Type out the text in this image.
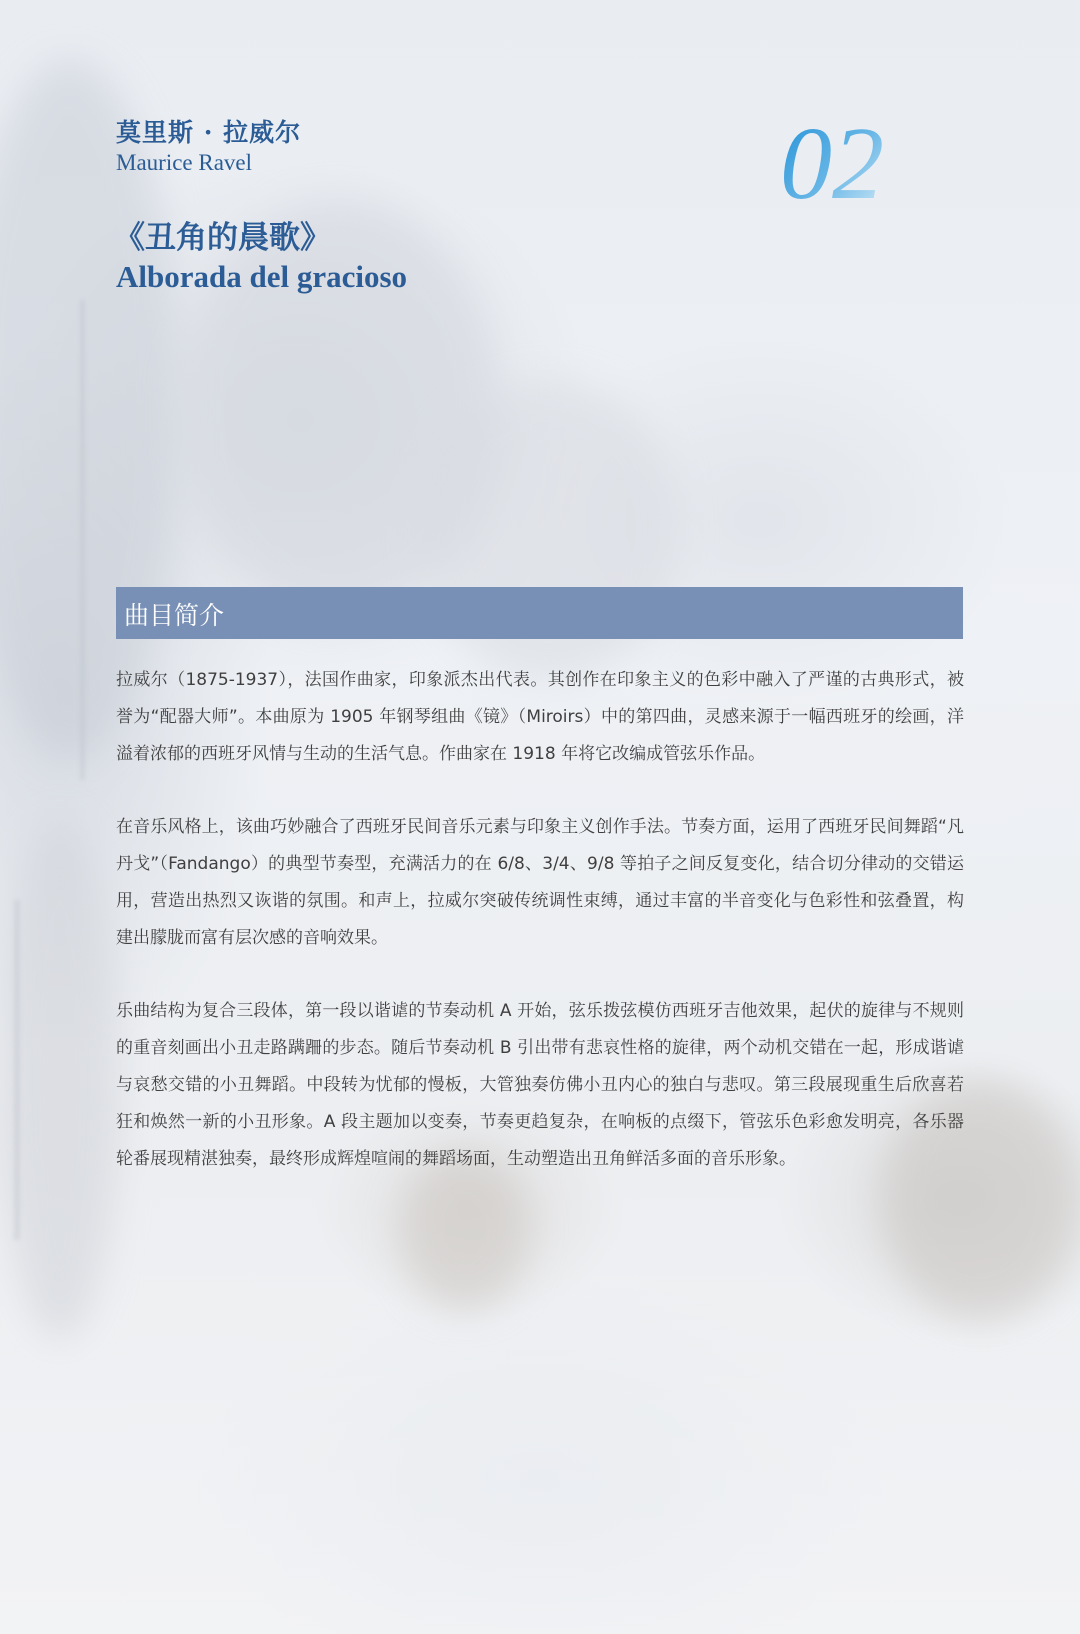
莫里斯 · 拉威尔

Maurice Ravel

《丑角的晨歌》

Alborada del gracioso

02
曲目简介

拉威尔（1875-1937），法国作曲家，印象派杰出代表。其创作在印象主义的色彩中融入了严谨的古典形式，被誉为“配器大师”。本曲原为 1905 年钢琴组曲《镜》（Miroirs）中的第四曲，灵感来源于一幅西班牙的绘画，洋溢着浓郁的西班牙风情与生动的生活气息。作曲家在 1918 年将它改编成管弦乐作品。

在音乐风格上，该曲巧妙融合了西班牙民间音乐元素与印象主义创作手法。节奏方面，运用了西班牙民间舞蹈“凡丹戈”（Fandango）的典型节奏型，充满活力的在 6/8、3/4、9/8 等拍子之间反复变化，结合切分律动的交错运用，营造出热烈又诙谐的氛围。和声上，拉威尔突破传统调性束缚，通过丰富的半音变化与色彩性和弦叠置，构建出朦胧而富有层次感的音响效果。

乐曲结构为复合三段体，第一段以谐谑的节奏动机 A 开始，弦乐拨弦模仿西班牙吉他效果，起伏的旋律与不规则的重音刻画出小丑走路蹒跚的步态。随后节奏动机 B 引出带有悲哀性格的旋律，两个动机交错在一起，形成谐谑与哀愁交错的小丑舞蹈。中段转为忧郁的慢板，大管独奏仿佛小丑内心的独白与悲叹。第三段展现重生后欣喜若狂和焕然一新的小丑形象。A 段主题加以变奏，节奏更趋复杂，在响板的点缀下，管弦乐色彩愈发明亮，各乐器轮番展现精湛独奏，最终形成辉煌喧闹的舞蹈场面，生动塑造出丑角鲜活多面的音乐形象。
